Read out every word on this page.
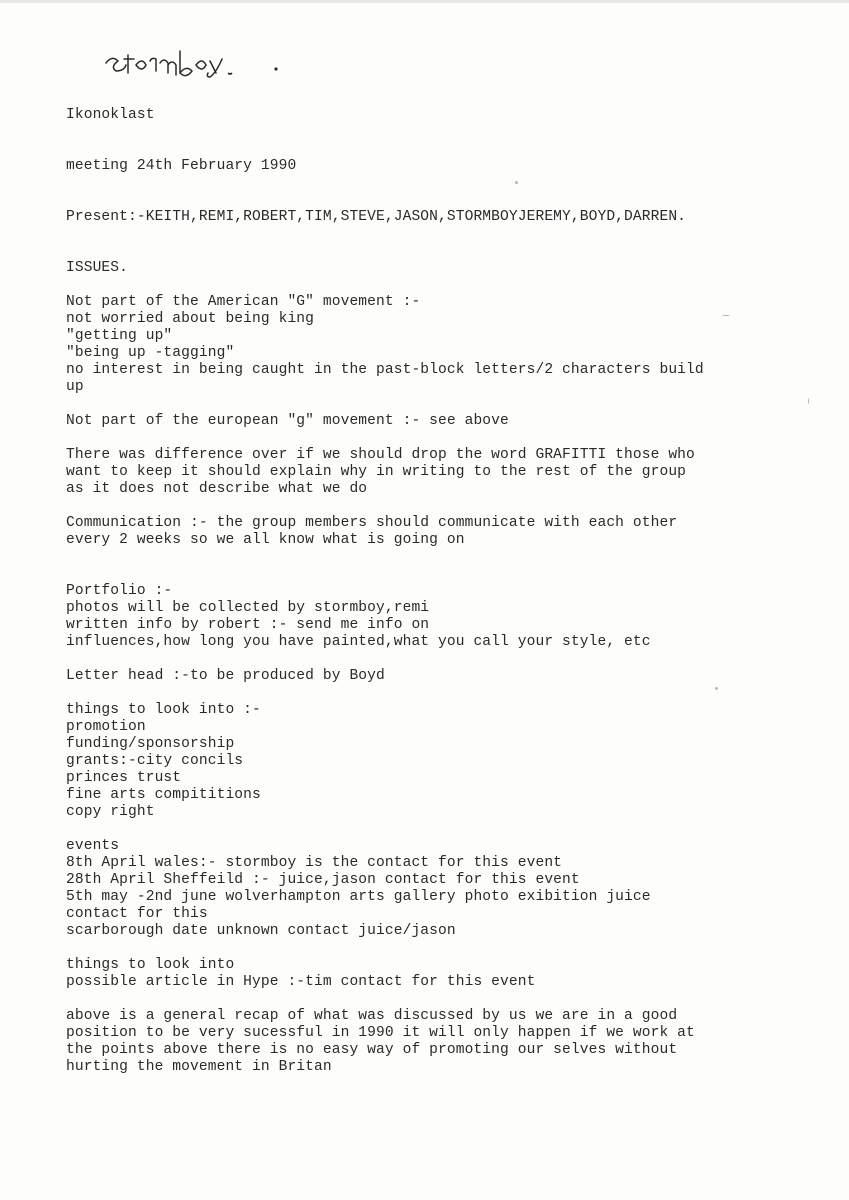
Ikonoklast
meeting 24th February 1990
Present:-KEITH,REMI,ROBERT,TIM,STEVE,JASON,STORMBOYJEREMY,BOYD,DARREN.
ISSUES.
Not part of the American "G" movement :-
not worried about being king
"getting up"
"being up -tagging"
no interest in being caught in the past-block letters/2 characters build
up
Not part of the european "g" movement :- see above
There was difference over if we should drop the word GRAFITTI those who
want to keep it should explain why in writing to the rest of the group
as it does not describe what we do
Communication :- the group members should communicate with each other
every 2 weeks so we all know what is going on
Portfolio :-
photos will be collected by stormboy,remi
written info by robert :- send me info on
influences,how long you have painted,what you call your style, etc
Letter head :-to be produced by Boyd
things to look into :-
promotion
funding/sponsorship
grants:-city concils
princes trust
fine arts compititions
copy right
events
8th April wales:- stormboy is the contact for this event
28th April Sheffeild :- juice,jason contact for this event
5th may -2nd june wolverhampton arts gallery photo exibition juice
contact for this
scarborough date unknown contact juice/jason
things to look into
possible article in Hype :-tim contact for this event
above is a general recap of what was discussed by us we are in a good
position to be very sucessful in 1990 it will only happen if we work at
the points above there is no easy way of promoting our selves without
hurting the movement in Britan
